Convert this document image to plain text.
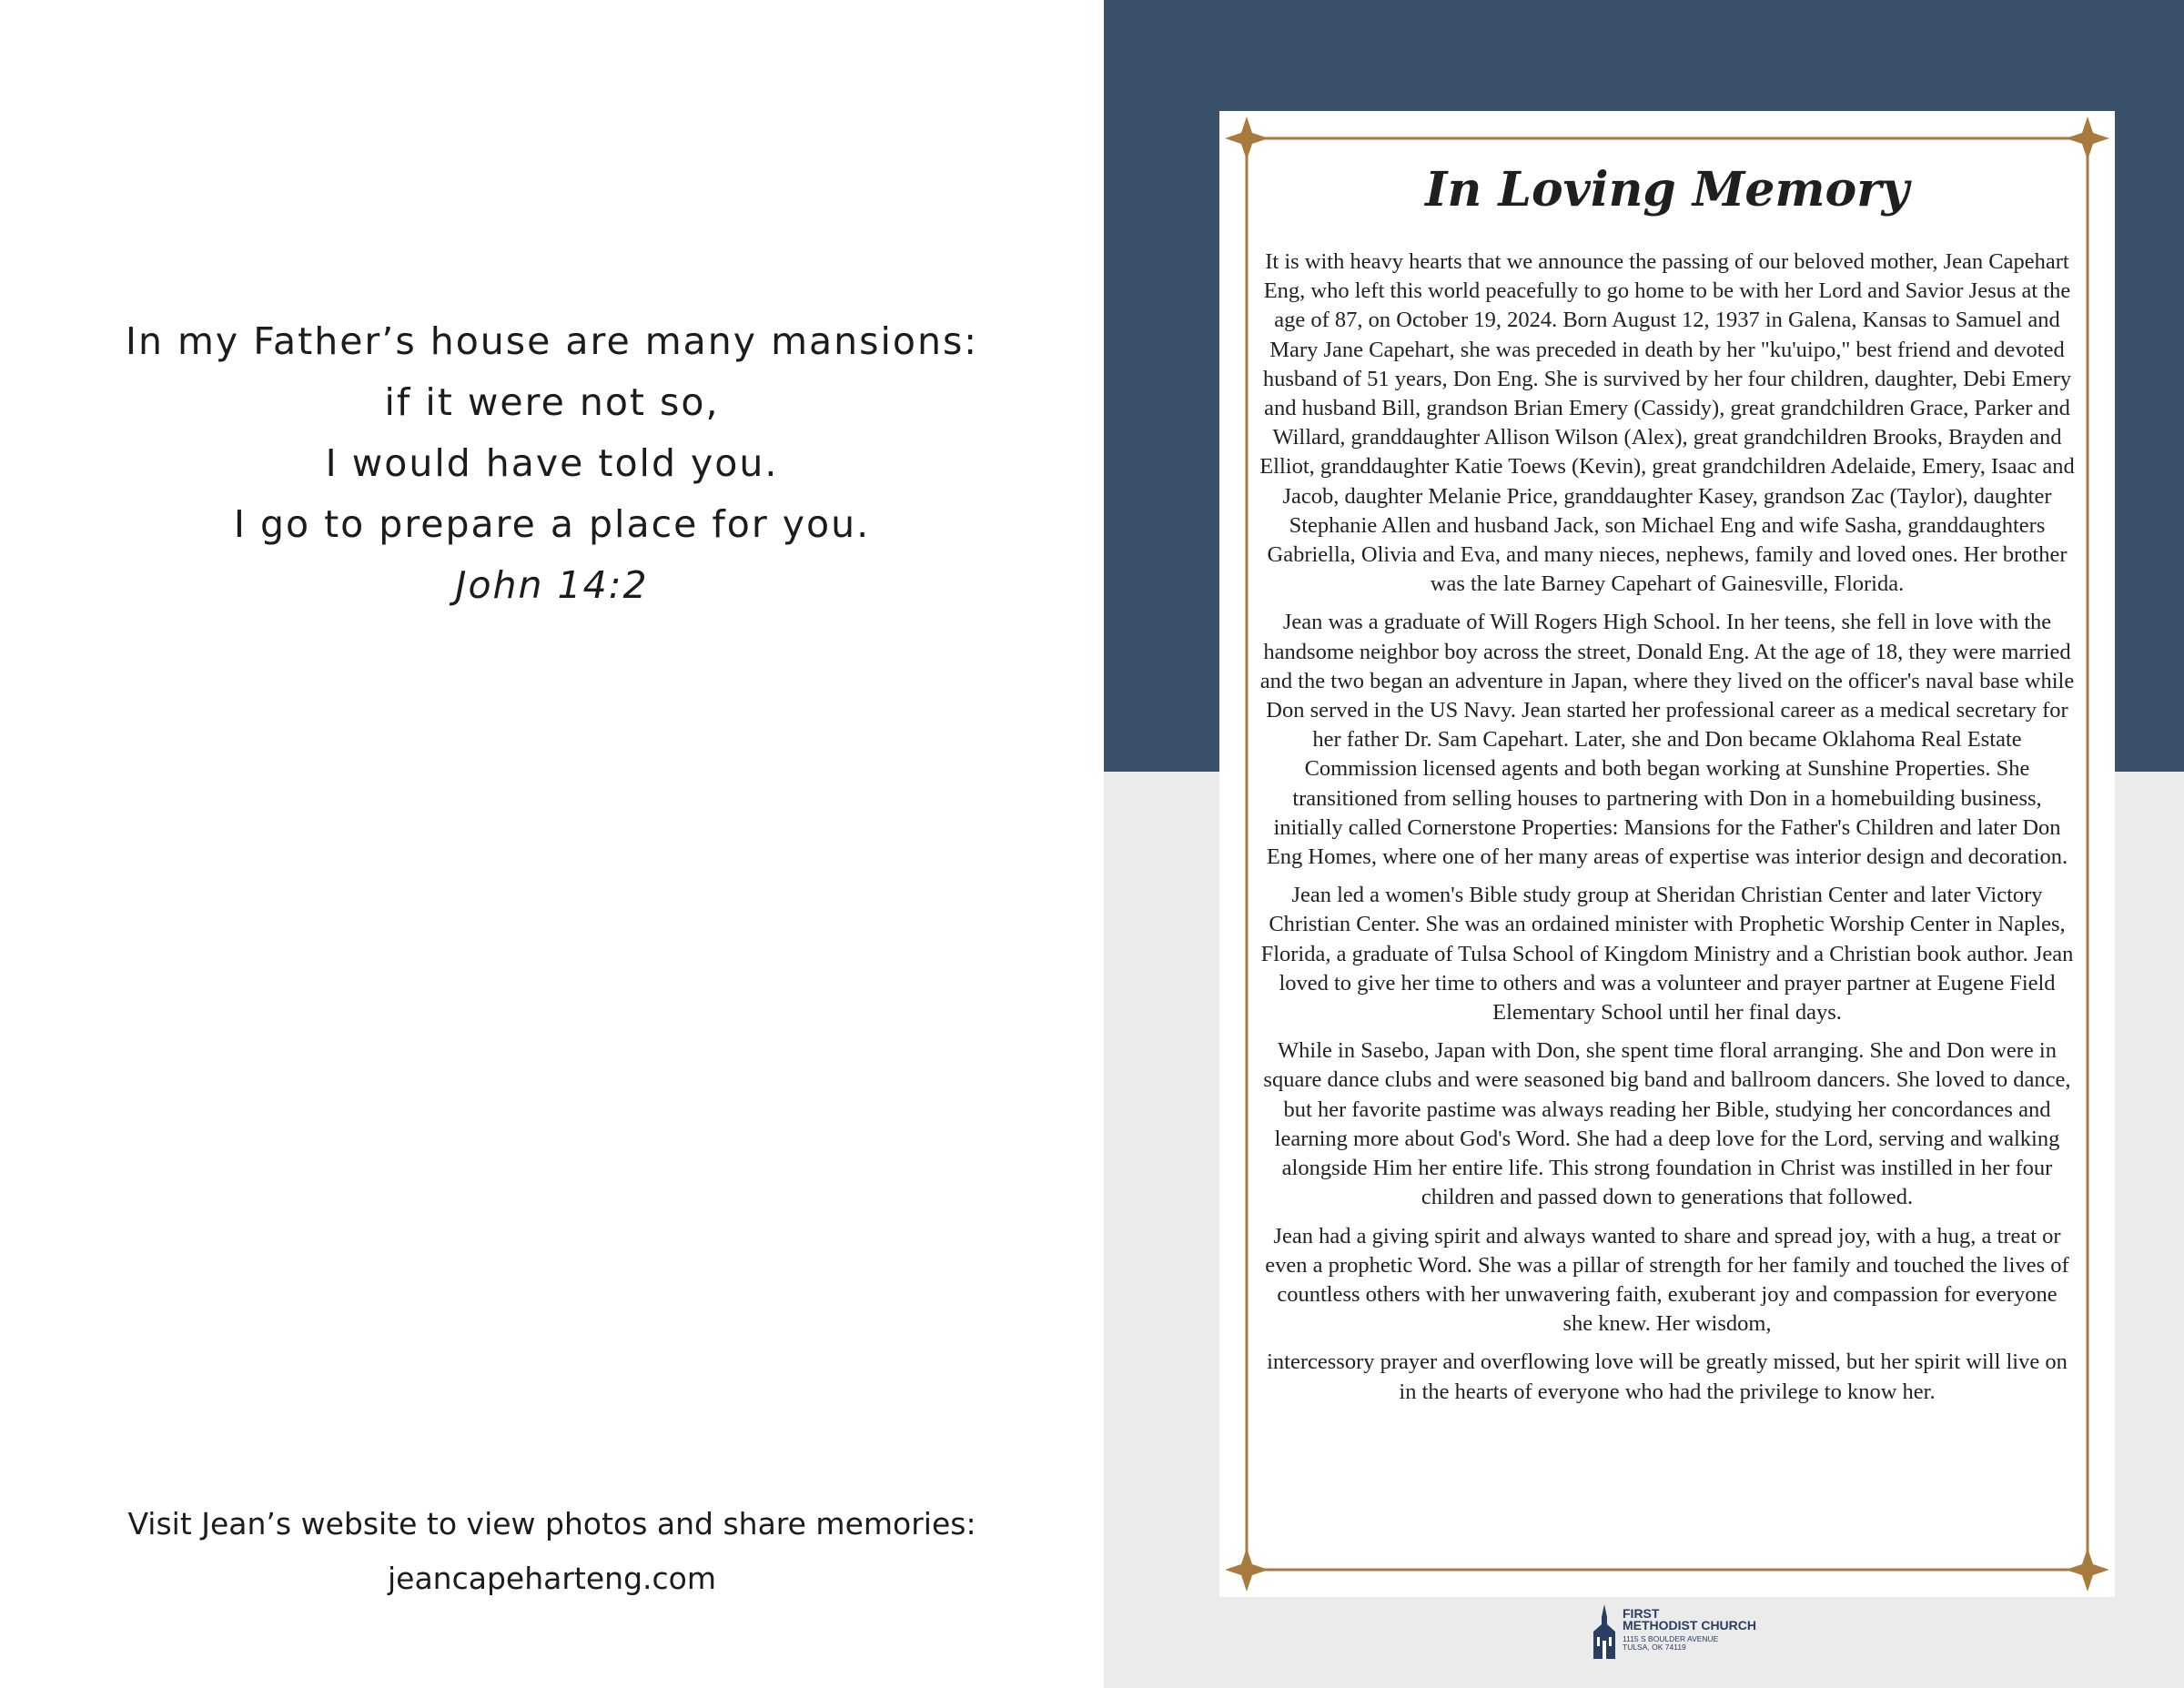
In my Father’s house are many mansions:
if it were not so,
I would have told you.
I go to prepare a place for you.
John 14:2
Visit Jean’s website to view photos and share memories:
jeancapeharteng.com
In Loving Memory

It is with heavy hearts that we announce the passing of our beloved mother, Jean Capehart Eng, who left this world peacefully to go home to be with her Lord and Savior Jesus at the age of 87, on October 19, 2024. Born August 12, 1937 in Galena, Kansas to Samuel and Mary Jane Capehart, she was preceded in death by her "ku'uipo," best friend and devoted husband of 51 years, Don Eng. She is survived by her four children, daughter, Debi Emery and husband Bill, grandson Brian Emery (Cassidy), great grandchildren Grace, Parker and Willard, granddaughter Allison Wilson (Alex), great grandchildren Brooks, Brayden and Elliot, granddaughter Katie Toews (Kevin), great grandchildren Adelaide, Emery, Isaac and Jacob, daughter Melanie Price, granddaughter Kasey, grandson Zac (Taylor), daughter Stephanie Allen and husband Jack, son Michael Eng and wife Sasha, granddaughters Gabriella, Olivia and Eva, and many nieces, nephews, family and loved ones. Her brother was the late Barney Capehart of Gainesville, Florida.

Jean was a graduate of Will Rogers High School. In her teens, she fell in love with the handsome neighbor boy across the street, Donald Eng. At the age of 18, they were married and the two began an adventure in Japan, where they lived on the officer's naval base while Don served in the US Navy. Jean started her professional career as a medical secretary for her father Dr. Sam Capehart. Later, she and Don became Oklahoma Real Estate Commission licensed agents and both began working at Sunshine Properties. She transitioned from selling houses to partnering with Don in a homebuilding business, initially called Cornerstone Properties: Mansions for the Father's Children and later Don Eng Homes, where one of her many areas of expertise was interior design and decoration.

Jean led a women's Bible study group at Sheridan Christian Center and later Victory Christian Center. She was an ordained minister with Prophetic Worship Center in Naples, Florida, a graduate of Tulsa School of Kingdom Ministry and a Christian book author. Jean loved to give her time to others and was a volunteer and prayer partner at Eugene Field Elementary School until her final days.

While in Sasebo, Japan with Don, she spent time floral arranging. She and Don were in square dance clubs and were seasoned big band and ballroom dancers. She loved to dance, but her favorite pastime was always reading her Bible, studying her concordances and learning more about God's Word. She had a deep love for the Lord, serving and walking alongside Him her entire life. This strong foundation in Christ was instilled in her four children and passed down to generations that followed.

Jean had a giving spirit and always wanted to share and spread joy, with a hug, a treat or even a prophetic Word. She was a pillar of strength for her family and touched the lives of countless others with her unwavering faith, exuberant joy and compassion for everyone she knew. Her wisdom,

intercessory prayer and overflowing love will be greatly missed, but her spirit will live on in the hearts of everyone who had the privilege to know her.

FIRST
METHODIST CHURCH
1115 S BOULDER AVENUE
TULSA, OK 74119
